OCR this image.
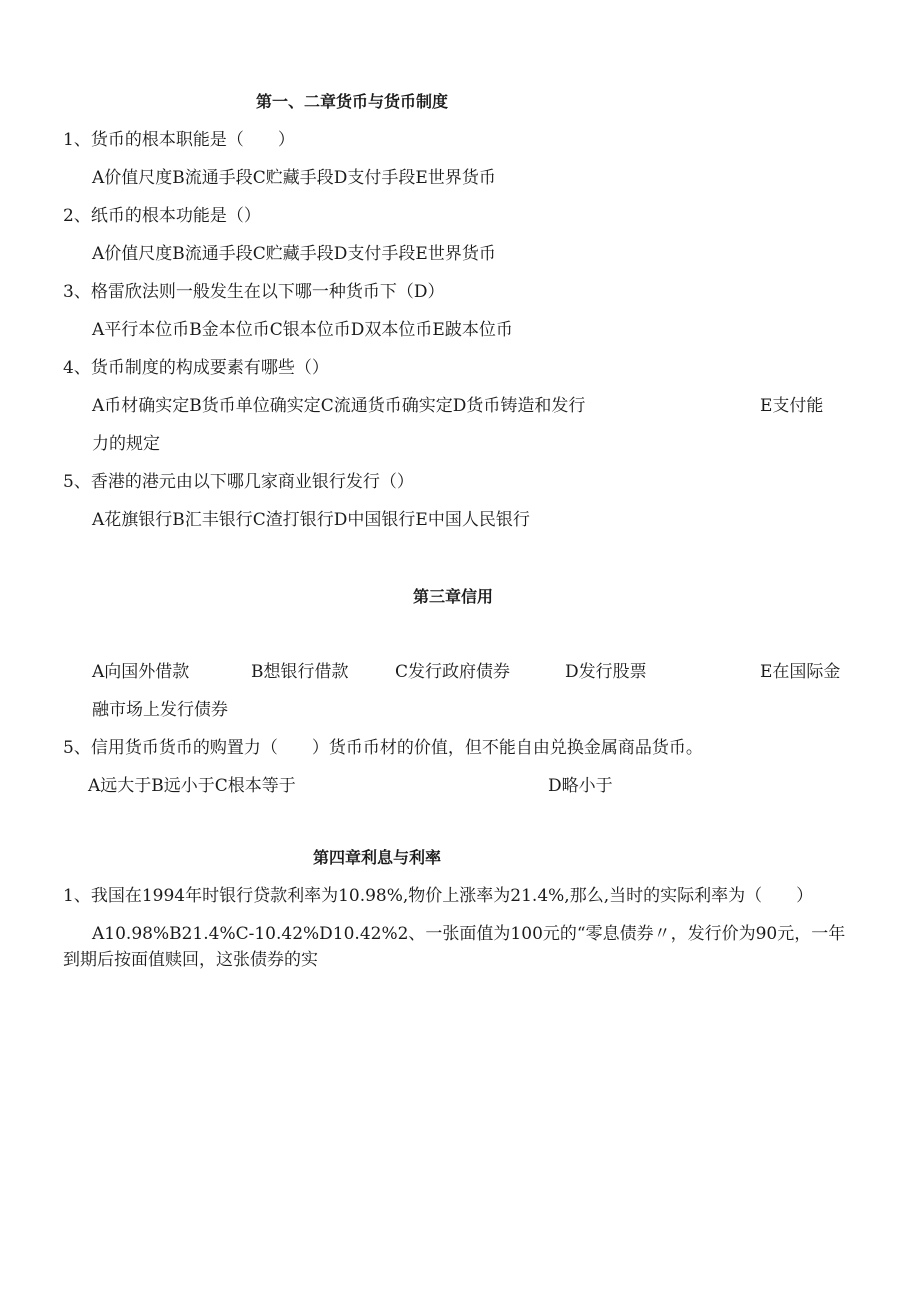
第一、二章货币与货币制度
1、货币的根本职能是（　　）
A价值尺度B流通手段C贮藏手段D支付手段E世界货币
2、纸币的根本功能是（）
A价值尺度B流通手段C贮藏手段D支付手段E世界货币
3、格雷欣法则一般发生在以下哪一种货币下（D）
A平行本位币B金本位币C银本位币D双本位币E跛本位币
4、货币制度的构成要素有哪些（）
A币材确实定B货币单位确实定C流通货币确实定D货币铸造和发行	E支付能
力的规定
5、香港的港元由以下哪几家商业银行发行（）
A花旗银行B汇丰银行C渣打银行D中国银行E中国人民银行
第三章信用
A向国外借款	B想银行借款	C发行政府债券	D发行股票	E在国际金
融市场上发行债券
5、信用货币货币的购置力（　　）货币币材的价值，但不能自由兑换金属商品货币。
A远大于B远小于C根本等于	D略小于
第四章利息与利率
1、我国在1994年时银行贷款利率为10.98%,物价上涨率为21.4%,那么,当时的实际利率为（　　）
A10.98%B21.4%C-10.42%D10.42%2、一张面值为100元的“零息债券〃，发行价为90元，一年到期后按面值赎回，这张债券的实
